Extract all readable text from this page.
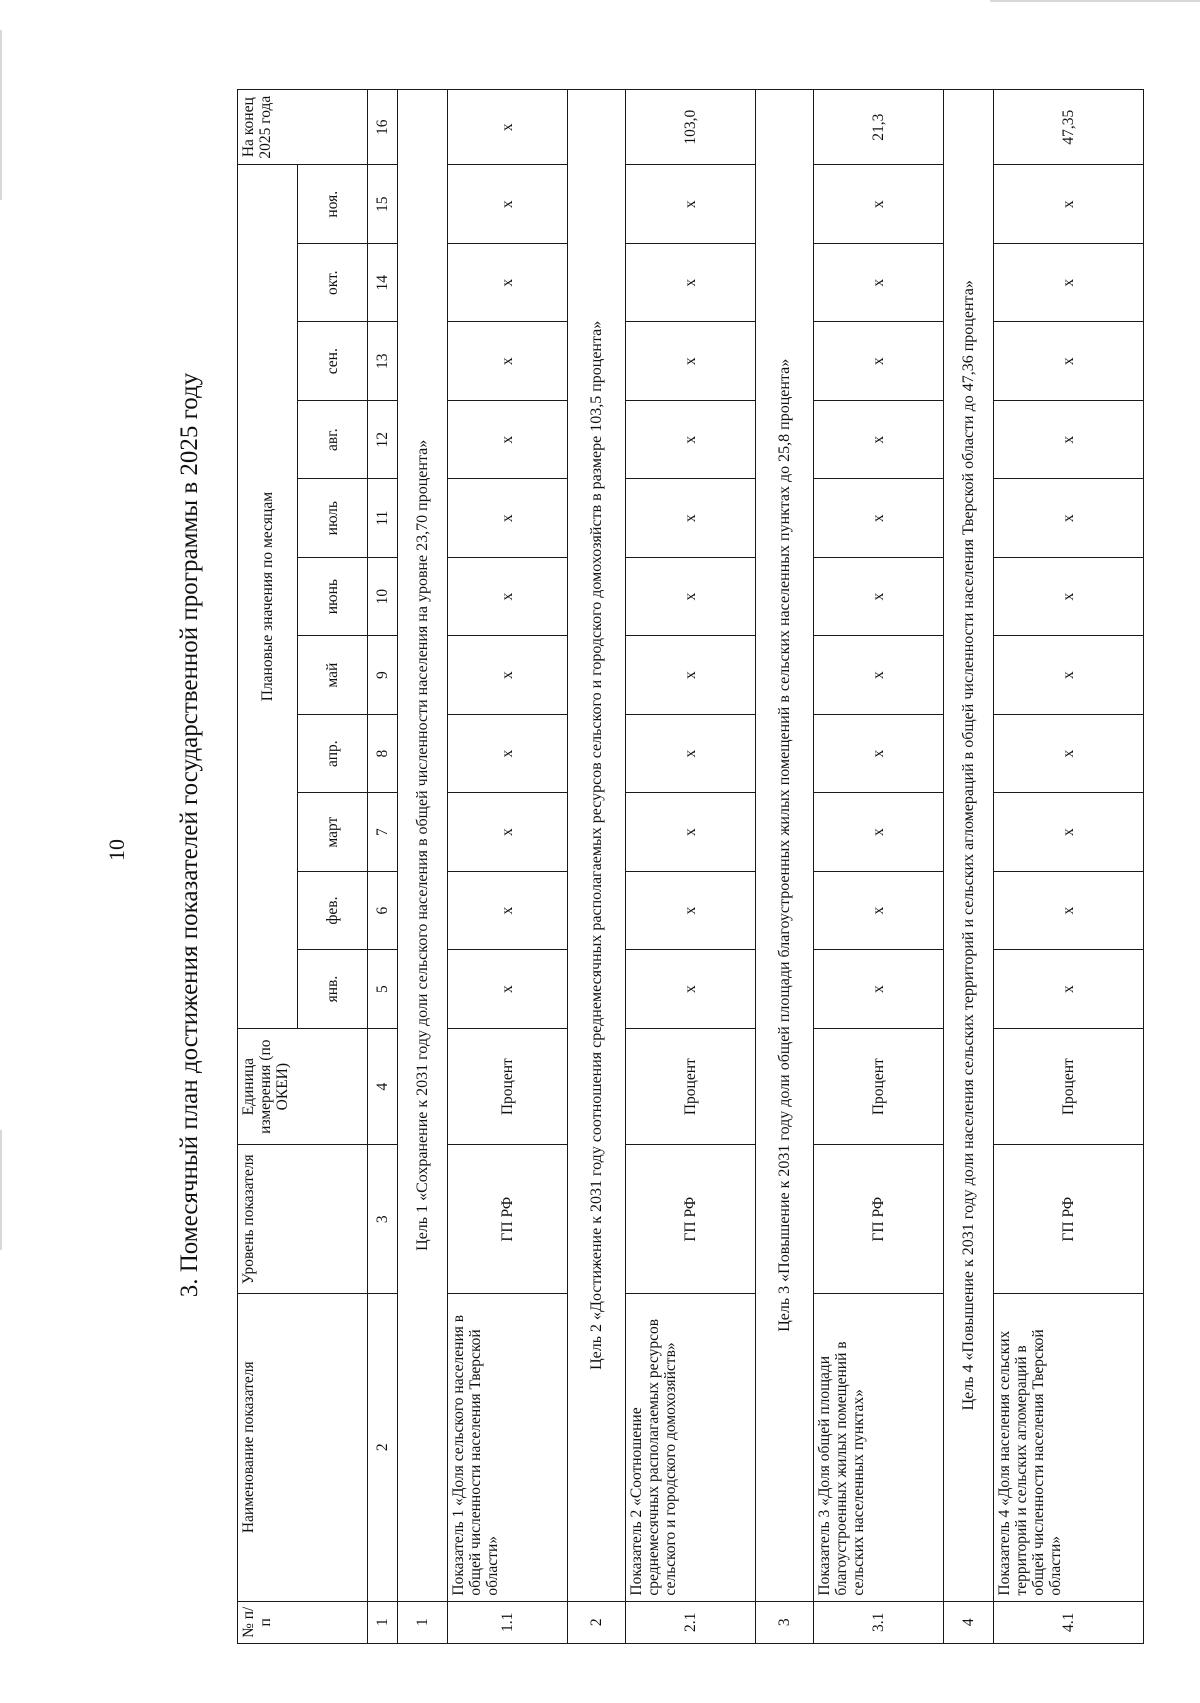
10	3. Помесячный план достижения показателей государственной программы в 2025 году
№ п/п	Наименование показателя	Уровень показателя	Единица измерения (по ОКЕИ)	Плановые значения по месяцам											На конец 2025 года
				янв.	фев.	март	апр.	май	июнь	июль	авг.	сен.	окт.	ноя.	
1	2	3	4	5	6	7	8	9	10	11	12	13	14	15	16
1	Цель 1 «Сохранение к 2031 году доли сельского населения в общей численности населения на уровне 23,70 процента»														
1.1	Показатель 1 «Доля сельского населения в общей численности населения Тверской области»	ГП РФ	Процент	x	x	x	x	x	x	x	x	x	x	x	x
2	Цель 2 «Достижение к 2031 году соотношения среднемесячных располагаемых ресурсов сельского и городского домохозяйств в размере 103,5 процента»														
2.1	Показатель 2 «Соотношение среднемесячных располагаемых ресурсов сельского и городского домохозяйств»	ГП РФ	Процент	x	x	x	x	x	x	x	x	x	x	x	103,0
3	Цель 3 «Повышение к 2031 году доли общей площади благоустроенных жилых помещений в сельских населенных пунктах до 25,8 процента»														
3.1	Показатель 3 «Доля общей площади благоустроенных жилых помещений в сельских населенных пунктах»	ГП РФ	Процент	x	x	x	x	x	x	x	x	x	x	x	21,3
4	Цель 4 «Повышение к 2031 году доли населения сельских территорий и сельских агломераций в общей численности населения Тверской области до 47,36 процента»														
4.1	Показатель 4 «Доля населения сельских территорий и сельских агломераций в общей численности населения Тверской области»	ГП РФ	Процент	x	x	x	x	x	x	x	x	x	x	x	47,35
